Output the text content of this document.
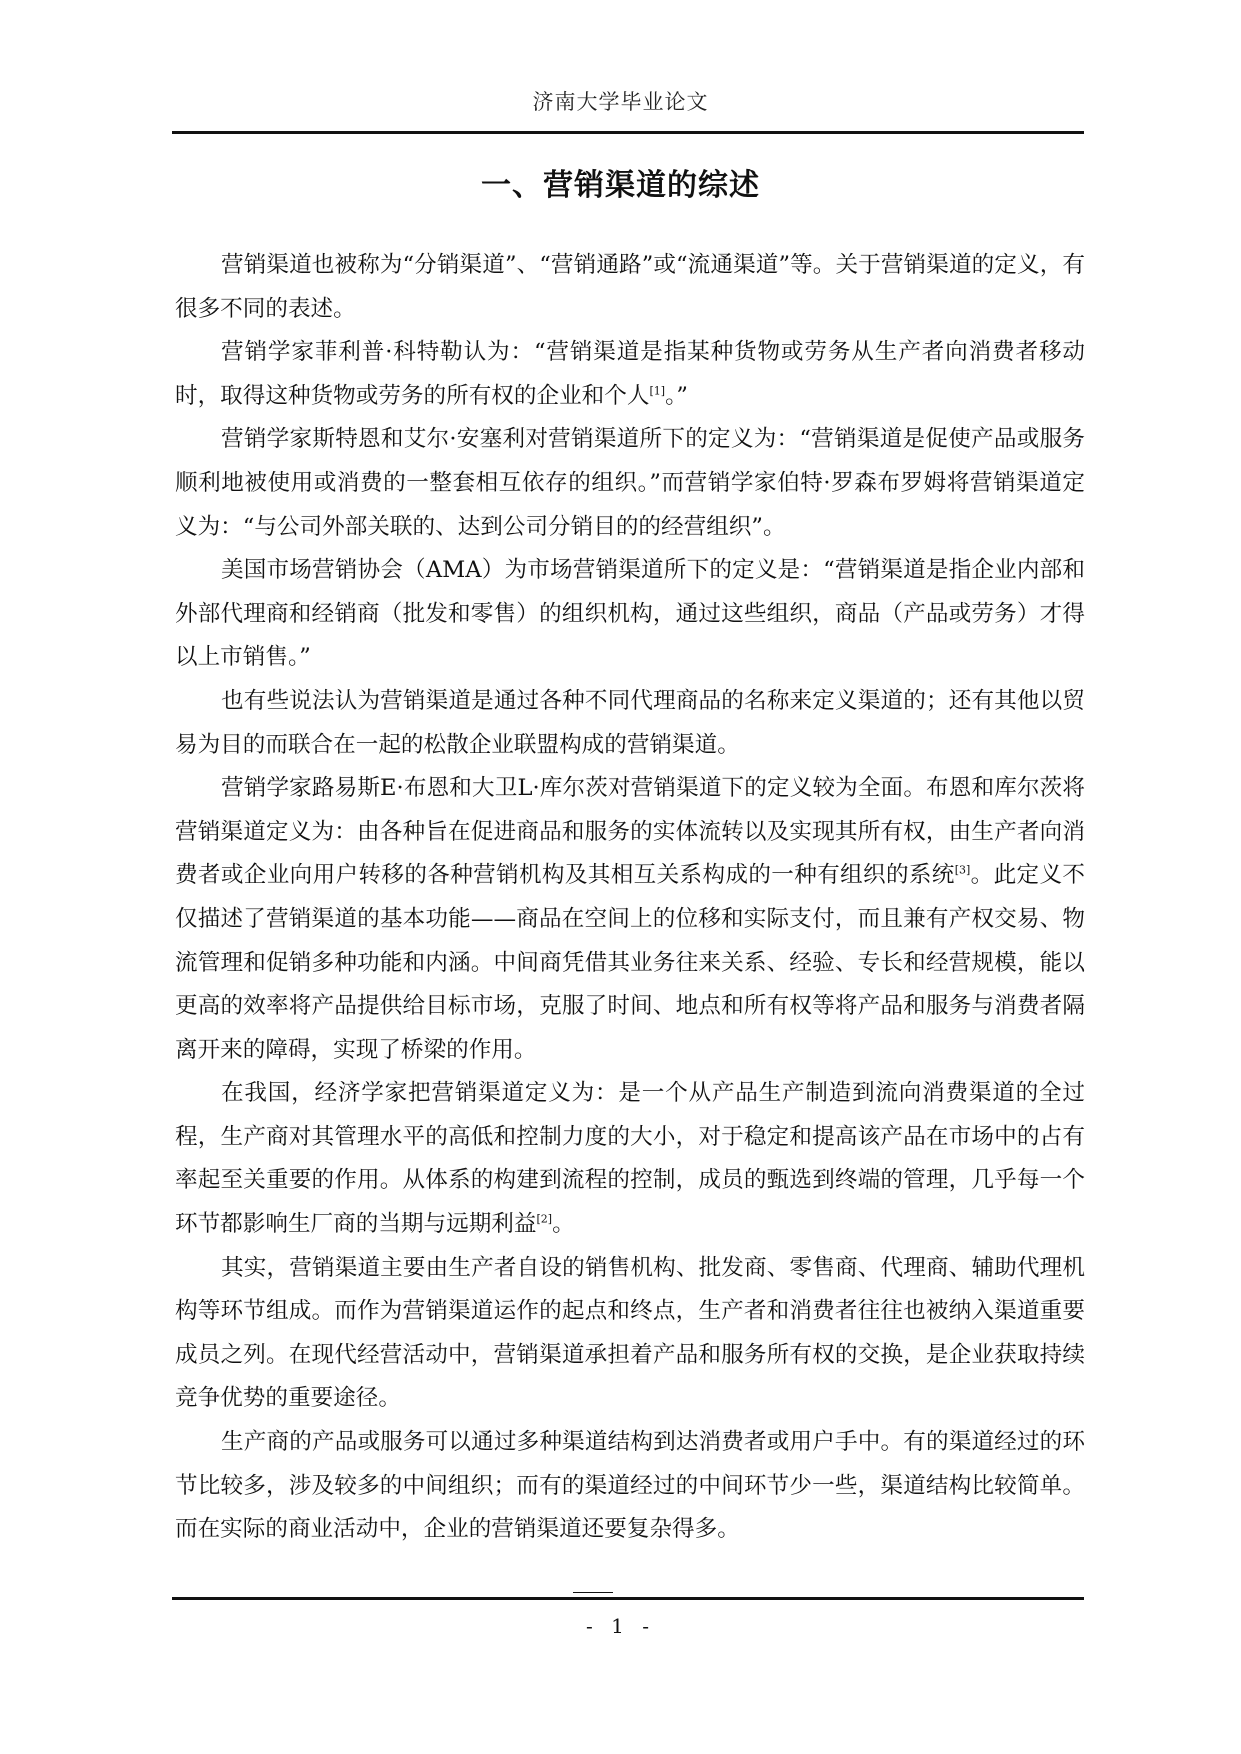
济南大学毕业论文
一、营销渠道的综述

营销渠道也被称为“分销渠道”、“营销通路”或“流通渠道”等。关于营销渠道的定义，有很多不同的表述。

营销学家菲利普·科特勒认为：“营销渠道是指某种货物或劳务从生产者向消费者移动时，取得这种货物或劳务的所有权的企业和个人[1]。”

营销学家斯特恩和艾尔·安塞利对营销渠道所下的定义为：“营销渠道是促使产品或服务顺利地被使用或消费的一整套相互依存的组织。”而营销学家伯特·罗森布罗姆将营销渠道定义为：“与公司外部关联的、达到公司分销目的的经营组织”。

美国市场营销协会（AMA）为市场营销渠道所下的定义是：“营销渠道是指企业内部和外部代理商和经销商（批发和零售）的组织机构，通过这些组织，商品（产品或劳务）才得以上市销售。”

也有些说法认为营销渠道是通过各种不同代理商品的名称来定义渠道的；还有其他以贸易为目的而联合在一起的松散企业联盟构成的营销渠道。

营销学家路易斯E·布恩和大卫L·库尔茨对营销渠道下的定义较为全面。布恩和库尔茨将营销渠道定义为：由各种旨在促进商品和服务的实体流转以及实现其所有权，由生产者向消费者或企业向用户转移的各种营销机构及其相互关系构成的一种有组织的系统[3]。此定义不仅描述了营销渠道的基本功能——商品在空间上的位移和实际支付，而且兼有产权交易、物流管理和促销多种功能和内涵。中间商凭借其业务往来关系、经验、专长和经营规模，能以更高的效率将产品提供给目标市场，克服了时间、地点和所有权等将产品和服务与消费者隔离开来的障碍，实现了桥梁的作用。

在我国，经济学家把营销渠道定义为：是一个从产品生产制造到流向消费渠道的全过程，生产商对其管理水平的高低和控制力度的大小，对于稳定和提高该产品在市场中的占有率起至关重要的作用。从体系的构建到流程的控制，成员的甄选到终端的管理，几乎每一个环节都影响生厂商的当期与远期利益[2]。

其实，营销渠道主要由生产者自设的销售机构、批发商、零售商、代理商、辅助代理机构等环节组成。而作为营销渠道运作的起点和终点，生产者和消费者往往也被纳入渠道重要成员之列。在现代经营活动中，营销渠道承担着产品和服务所有权的交换，是企业获取持续竞争优势的重要途径。

生产商的产品或服务可以通过多种渠道结构到达消费者或用户手中。有的渠道经过的环节比较多，涉及较多的中间组织；而有的渠道经过的中间环节少一些，渠道结构比较简单。而在实际的商业活动中，企业的营销渠道还要复杂得多。

- 1 -
